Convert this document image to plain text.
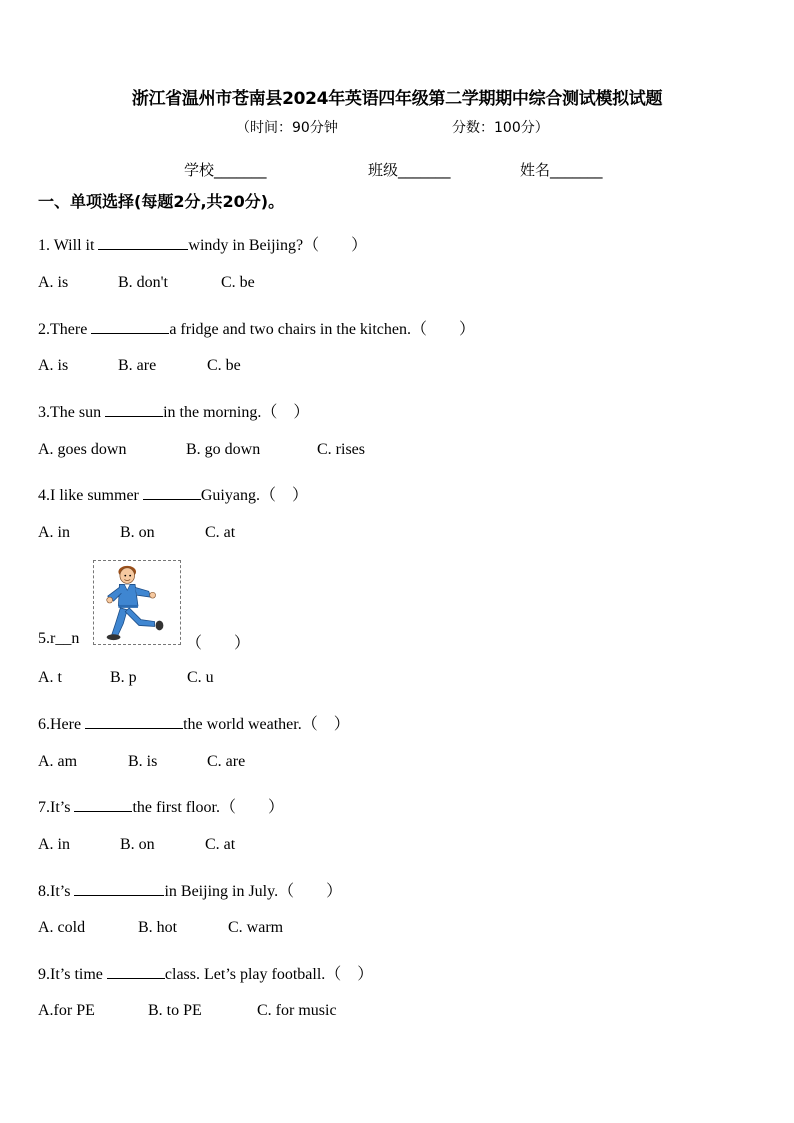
浙江省温州市苍南县2024年英语四年级第二学期期中综合测试模拟试题
（时间：90分钟	分数：100分）
学校_______	班级_______	姓名_______
一、单项选择(每题2分,共20分)。
1. Will it	windy in Beijing?（　　）
A. is	B. don't	C. be
2.There	a fridge and two chairs in the kitchen.（　　）
A. is	B. are	C. be
3.The sun	in the morning.（　）
A. goes down	B. go down	C. rises
4.I like summer	Guiyang.（　）
A. in	B. on	C. at
5.r__n	（　　）
A. t	B. p	C. u
6.Here	the world weather.（　）
A. am	B. is	C. are
7.It’s	the first floor.（　　）
A. in	B. on	C. at
8.It’s	in Beijing in July.（　　）
A. cold	B. hot	C. warm
9.It’s time	class. Let’s play football.（　）
A.for PE	B. to PE	C. for music
